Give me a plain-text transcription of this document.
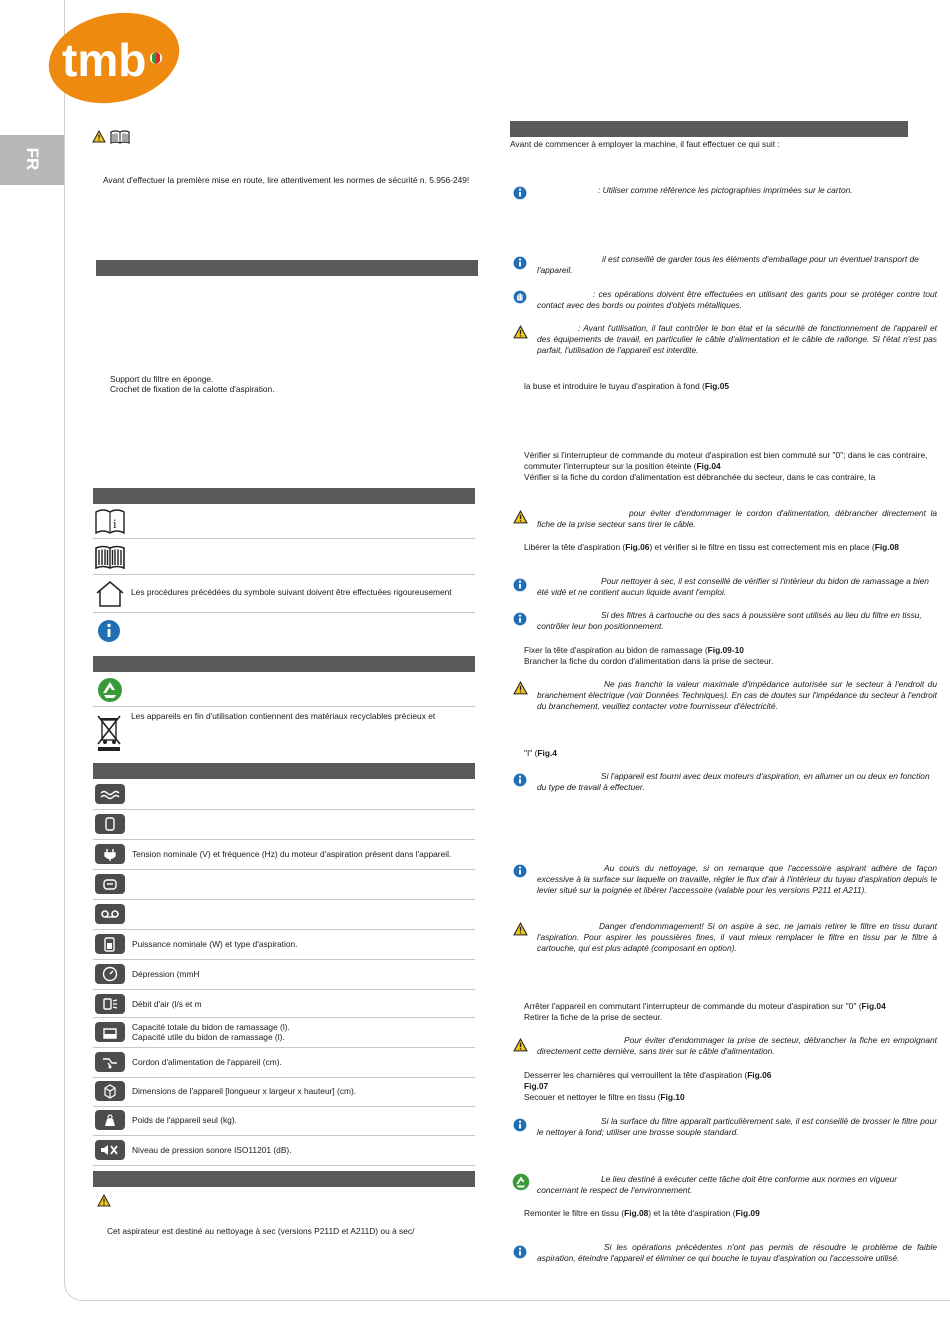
FR
tmb
Avant d'effectuer la première mise en route, lire attentivement les normes de sécurité n. 5.956-249!
Support du filtre en éponge.
Crochet de fixation de la calotte d'aspiration.
i
Les procédures précédées du symbole suivant doivent être effectuées rigoureusement
Les appareils en fin d'utilisation contiennent des matériaux recyclables précieux et
Tension nominale (V) et fréquence (Hz) du moteur d'aspiration présent dans l'appareil.
Puissance nominale (W) et type d'aspiration.
Dépression (mmH
Débit d'air (l/s et m
Capacité totale du bidon de ramassage (l).
Capacité utile du bidon de ramassage (l).
Cordon d'alimentation de l'appareil (cm).
Dimensions de l'appareil [longueur x largeur x hauteur] (cm).
Poids de l'appareil seul (kg).
Niveau de pression sonore ISO11201 (dB).
Cet aspirateur est destiné au nettoyage à sec (versions P211D et A211D) ou à sec/
Avant de commencer à employer la machine, il faut effectuer ce qui suit :
: Utiliser comme référence les pictographies imprimées sur le carton.
il est conseillé de garder tous les éléments d'emballage pour un éventuel transport de l'appareil.
: ces opérations doivent être effectuées en utilisant des gants pour se protéger contre tout contact avec des bords ou pointes d'objets métalliques.
: Avant l'utilisation, il faut contrôler le bon état et la sécurité de fonctionnement de l'appareil et des équipements de travail, en particulier le câble d'alimentation et le câble de rallonge. Si l'état n'est pas parfait, l'utilisation de l'appareil est interdite.
la buse et introduire le tuyau d'aspiration à fond (Fig.05
Vérifier si l'interrupteur de commande du moteur d'aspiration est bien commuté sur "0"; dans le cas contraire, commuter l'interrupteur sur la position éteinte (Fig.04
Vérifier si la fiche du cordon d'alimentation est débranchée du secteur, dans le cas contraire, la
pour éviter d'endommager le cordon d'alimentation, débrancher directement la fiche de la prise secteur sans tirer le câble.
Libérer la tête d'aspiration (Fig.06) et vérifier si le filtre en tissu est correctement mis en place (Fig.08
Pour nettoyer à sec, il est conseillé de vérifier si l'intérieur du bidon de ramassage a bien été vidé et ne contient aucun liquide avant l'emploi.
Si des filtres à cartouche ou des sacs à poussière sont utilisés au lieu du filtre en tissu, contrôler leur bon positionnement.
Fixer la tête d'aspiration au bidon de ramassage (Fig.09-10
Brancher la fiche du cordon d'alimentation dans la prise de secteur.
Ne pas franchir la valeur maximale d'impédance autorisée sur le secteur à l'endroit du branchement électrique (voir Données Techniques). En cas de doutes sur l'impédance du secteur à l'endroit du branchement, veuillez contacter votre fournisseur d'électricité.
"I" (Fig.4
Si l'appareil est fourni avec deux moteurs d'aspiration, en allumer un ou deux en fonction du type de travail à effectuer.
Au cours du nettoyage, si on remarque que l'accessoire aspirant adhère de façon excessive à la surface sur laquelle on travaille, régler le flux d'air à l'intérieur du tuyau d'aspiration depuis le levier situé sur la poignée et libérer l'accessoire (valable pour les versions P211 et A211).
Danger d'endommagement! Si on aspire à sec, ne jamais retirer le filtre en tissu durant l'aspiration. Pour aspirer les poussières fines, il vaut mieux remplacer le filtre en tissu par le filtre à cartouche, qui est plus adapté (composant en option).
Arrêter l'appareil en commutant l'interrupteur de commande du moteur d'aspiration sur "0" (Fig.04
Retirer la fiche de la prise de secteur.
Pour éviter d'endommager la prise de secteur, débrancher la fiche en empoignant directement cette dernière, sans tirer sur le câble d'alimentation.
Desserrer les charnières qui verrouillent la tête d'aspiration (Fig.06
Fig.07
Secouer et nettoyer le filtre en tissu (Fig.10
Si la surface du filtre apparaît particulièrement sale, il est conseillé de brosser le filtre pour le nettoyer à fond; utiliser une brosse souple standard.
Le lieu destiné à exécuter cette tâche doit être conforme aux normes en vigueur concernant le respect de l'environnement.
Remonter le filtre en tissu (Fig.08) et la tête d'aspiration (Fig.09
Si les opérations précédentes n'ont pas permis de résoudre le problème de faible aspiration, éteindre l'appareil et éliminer ce qui bouche le tuyau d'aspiration ou l'accessoire utilisé.
